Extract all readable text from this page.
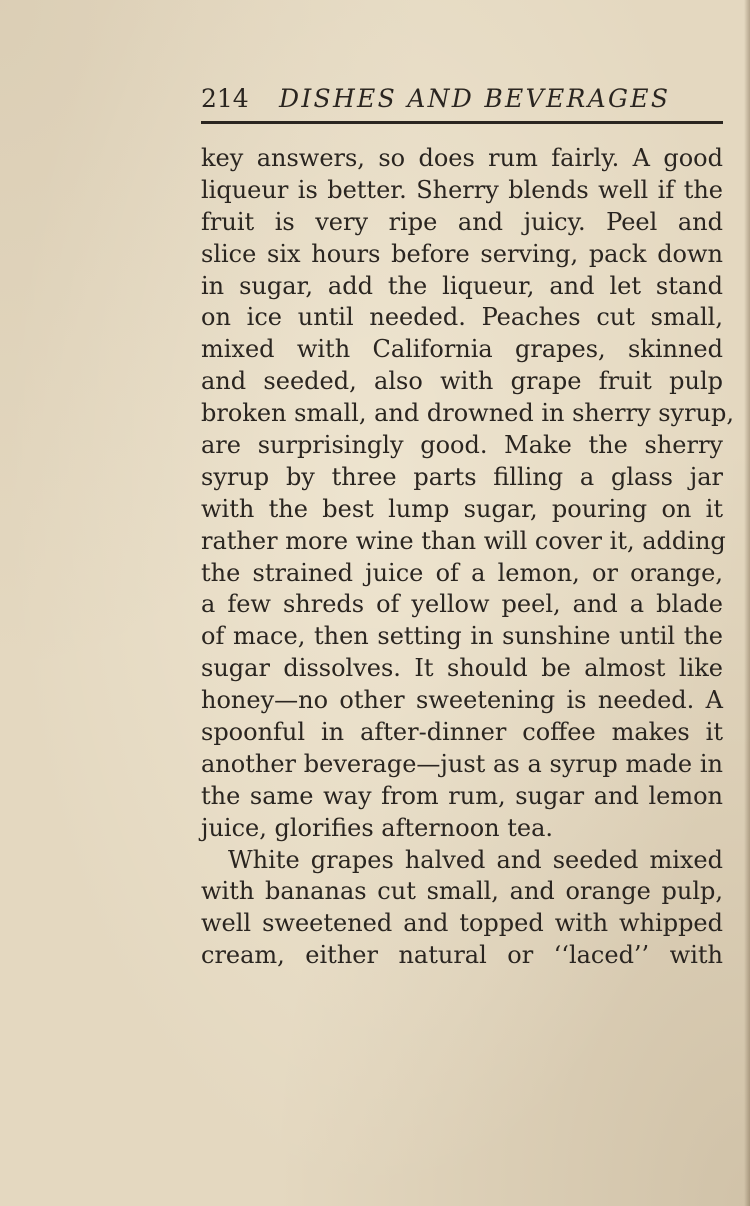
214 DISHES AND BEVERAGES
key answers, so does rum fairly. A good
liqueur is better. Sherry blends well if the
fruit is very ripe and juicy. Peel and
slice six hours before serving, pack down
in sugar, add the liqueur, and let stand
on ice until needed. Peaches cut small,
mixed with California grapes, skinned
and seeded, also with grape fruit pulp
broken small, and drowned in sherry syrup,
are surprisingly good. Make the sherry
syrup by three parts filling a glass jar
with the best lump sugar, pouring on it
rather more wine than will cover it, adding
the strained juice of a lemon, or orange,
a few shreds of yellow peel, and a blade
of mace, then setting in sunshine until the
sugar dissolves. It should be almost like
honey—no other sweetening is needed. A
spoonful in after-dinner coffee makes it
another beverage—just as a syrup made in
the same way from rum, sugar and lemon
juice, glorifies afternoon tea.
White grapes halved and seeded mixed
with bananas cut small, and orange pulp,
well sweetened and topped with whipped
cream, either natural or ‘‘laced’’ with
